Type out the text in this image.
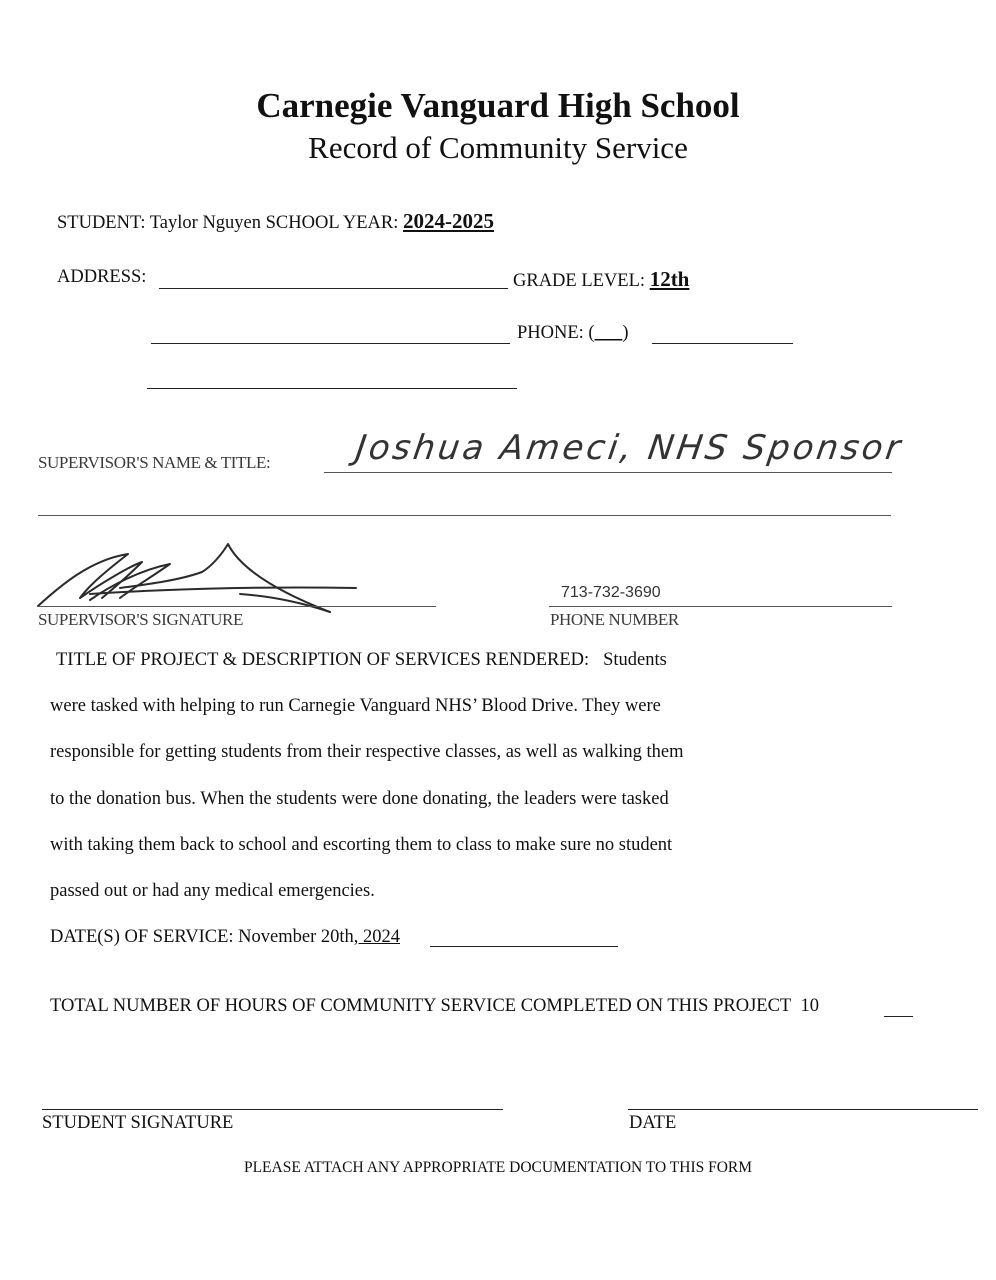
Carnegie Vanguard High School
Record of Community Service
STUDENT: Taylor Nguyen SCHOOL YEAR: 2024-2025
ADDRESS:	GRADE LEVEL: 12th
PHONE: (___)
SUPERVISOR'S NAME & TITLE: Joshua Ameci, NHS Sponsor
SUPERVISOR'S SIGNATURE
713-732-3690
PHONE NUMBER
TITLE OF PROJECT & DESCRIPTION OF SERVICES RENDERED: Students
were tasked with helping to run Carnegie Vanguard NHS’ Blood Drive. They were
responsible for getting students from their respective classes, as well as walking them
to the donation bus. When the students were done donating, the leaders were tasked
with taking them back to school and escorting them to class to make sure no student
passed out or had any medical emergencies.
DATE(S) OF SERVICE: November 20th, 2024
TOTAL NUMBER OF HOURS OF COMMUNITY SERVICE COMPLETED ON THIS PROJECT 10
STUDENT SIGNATURE	DATE
PLEASE ATTACH ANY APPROPRIATE DOCUMENTATION TO THIS FORM
